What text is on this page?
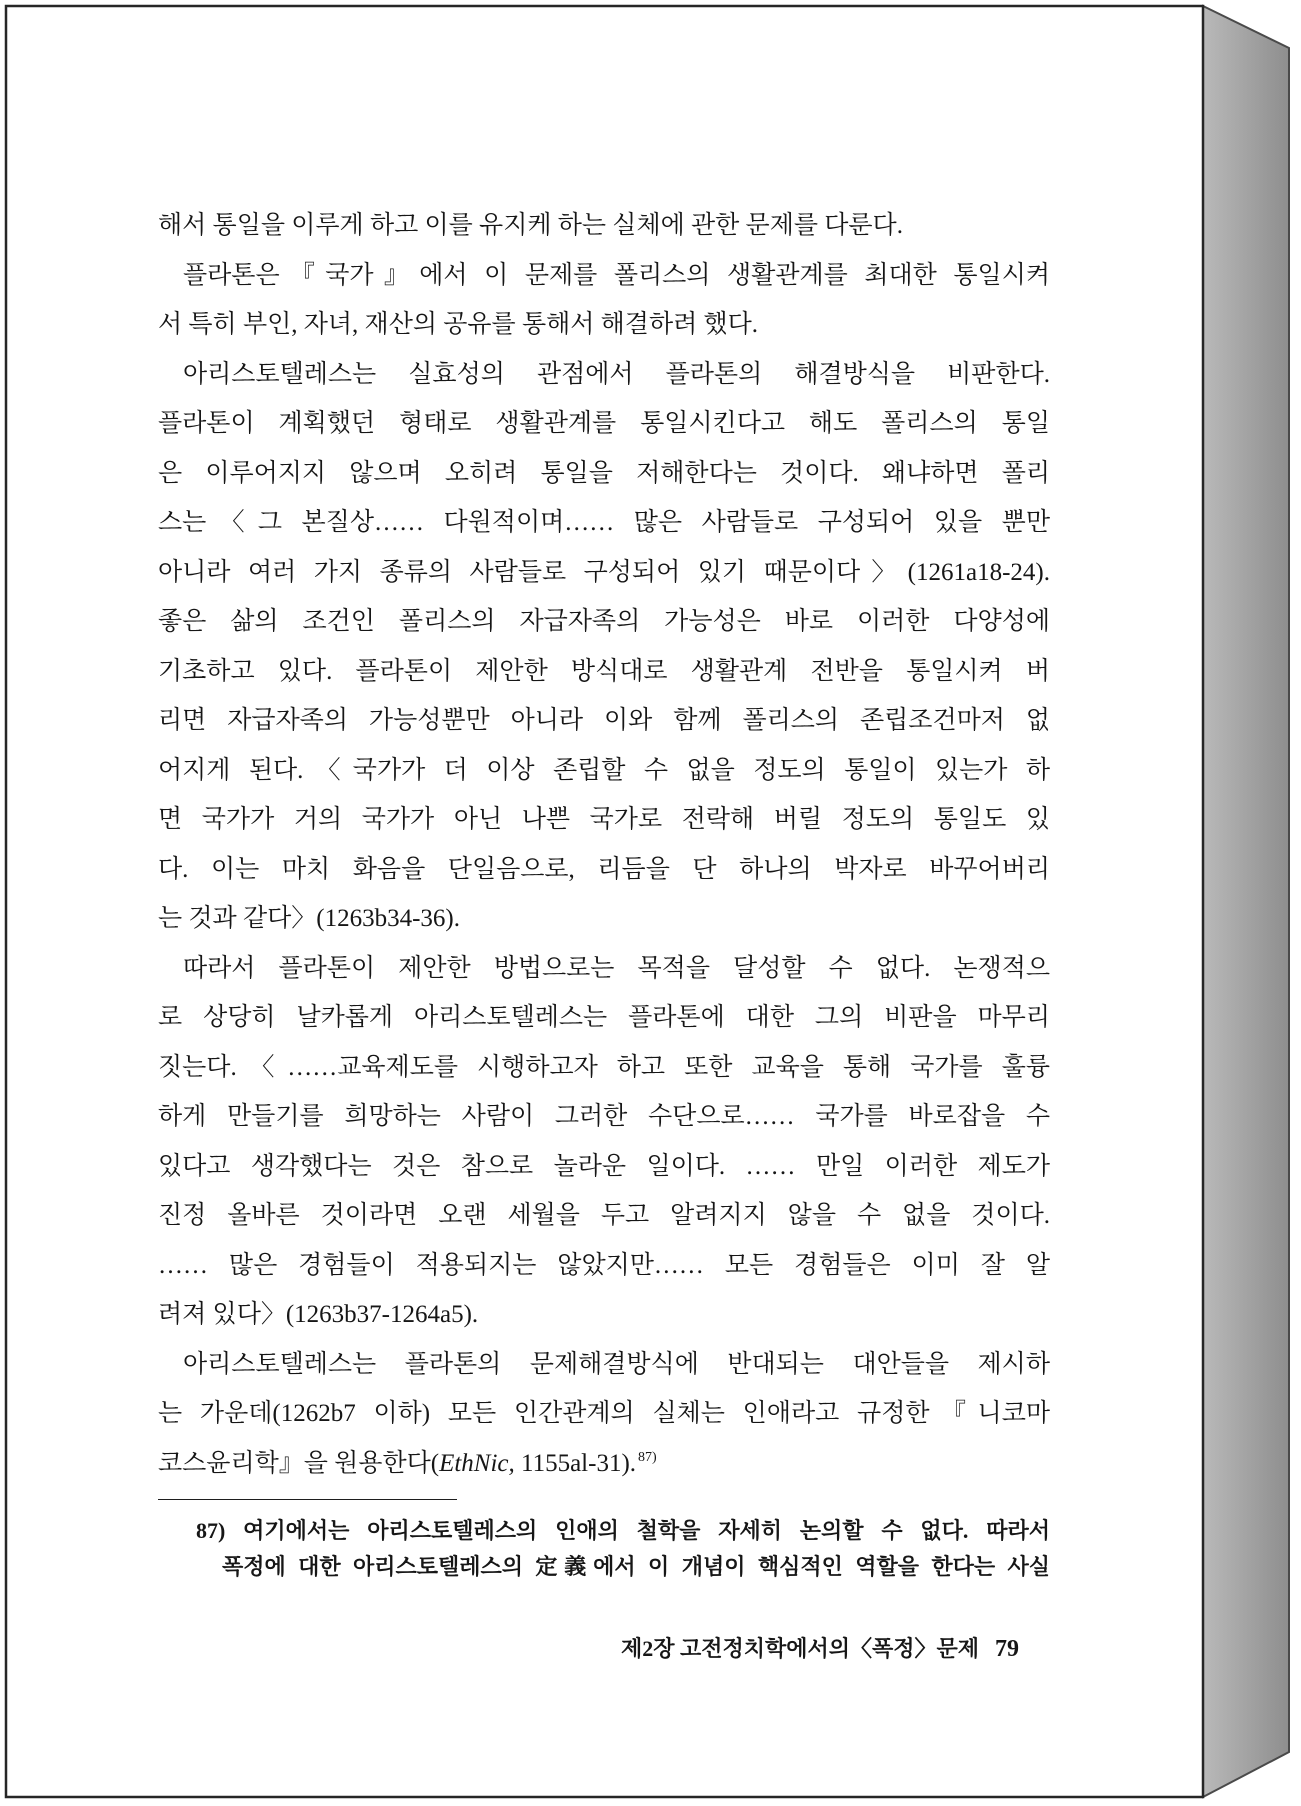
해서 통일을 이루게 하고 이를 유지케 하는 실체에 관한 문제를 다룬다.
플라톤은『국가』에서 이 문제를 폴리스의 생활관계를 최대한 통일시켜
서 특히 부인, 자녀, 재산의 공유를 통해서 해결하려 했다.
아리스토텔레스는 실효성의 관점에서 플라톤의 해결방식을 비판한다.
플라톤이 계획했던 형태로 생활관계를 통일시킨다고 해도 폴리스의 통일
은 이루어지지 않으며 오히려 통일을 저해한다는 것이다. 왜냐하면 폴리
스는〈그 본질상…… 다원적이며…… 많은 사람들로 구성되어 있을 뿐만
아니라 여러 가지 종류의 사람들로 구성되어 있기 때문이다〉(1261a18-24).
좋은 삶의 조건인 폴리스의 자급자족의 가능성은 바로 이러한 다양성에
기초하고 있다. 플라톤이 제안한 방식대로 생활관계 전반을 통일시켜 버
리면 자급자족의 가능성뿐만 아니라 이와 함께 폴리스의 존립조건마저 없
어지게 된다.〈국가가 더 이상 존립할 수 없을 정도의 통일이 있는가 하
면 국가가 거의 국가가 아닌 나쁜 국가로 전락해 버릴 정도의 통일도 있
다. 이는 마치 화음을 단일음으로, 리듬을 단 하나의 박자로 바꾸어버리
는 것과 같다〉(1263b34-36).
따라서 플라톤이 제안한 방법으로는 목적을 달성할 수 없다. 논쟁적으
로 상당히 날카롭게 아리스토텔레스는 플라톤에 대한 그의 비판을 마무리
짓는다.〈……교육제도를 시행하고자 하고 또한 교육을 통해 국가를 훌륭
하게 만들기를 희망하는 사람이 그러한 수단으로…… 국가를 바로잡을 수
있다고 생각했다는 것은 참으로 놀라운 일이다. …… 만일 이러한 제도가
진정 올바른 것이라면 오랜 세월을 두고 알려지지 않을 수 없을 것이다.
…… 많은 경험들이 적용되지는 않았지만…… 모든 경험들은 이미 잘 알
려져 있다〉(1263b37-1264a5).
아리스토텔레스는 플라톤의 문제해결방식에 반대되는 대안들을 제시하
는 가운데(1262b7 이하) 모든 인간관계의 실체는 인애라고 규정한『니코마
코스윤리학』을 원용한다(EthNic, 1155al-31). $^{87)}$
87) 여기에서는 아리스토텔레스의 인애의 철학을 자세히 논의할 수 없다. 따라서
폭정에 대한 아리스토텔레스의 定義에서 이 개념이 핵심적인 역할을 한다는 사실
제2장 고전정치학에서의〈폭정〉문제 79
